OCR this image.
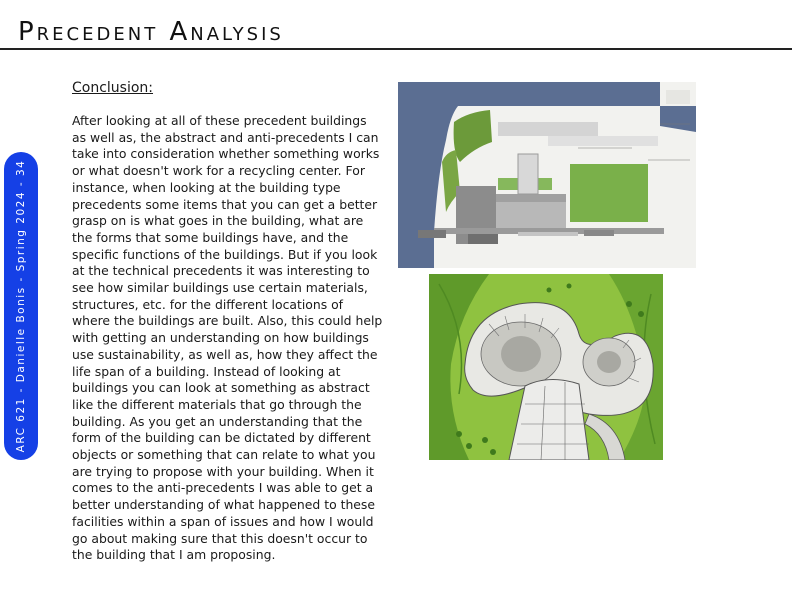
Precedent Analysis
ARC 621 - Danielle Bonis - Spring 2024 - 34
Conclusion:
After looking at all of these precedent buildings as well as, the abstract and anti-precedents I can take into consideration whether something works or what doesn't work for a recycling center. For instance, when looking at the building type precedents some items that you can get a better grasp on is what goes in the building, what are the forms that some buildings have, and the specific functions of the buildings. But if you look at the technical precedents it was interesting to see how similar buildings use certain materials, structures, etc. for the different locations of where the buildings are built. Also, this could help with getting an understanding on how buildings use sustainability, as well as, how they affect the life span of a building. Instead of looking at buildings you can look at something as abstract like the different materials that go through the building. As you get an understanding that the form of the building can be dictated by different objects or something that can relate to what you are trying to propose with your building. When it comes to the anti-precedents I was able to get a better understanding of what happened to these facilities within a span of issues and how I would go about making sure that this doesn't occur to the building that I am proposing.
